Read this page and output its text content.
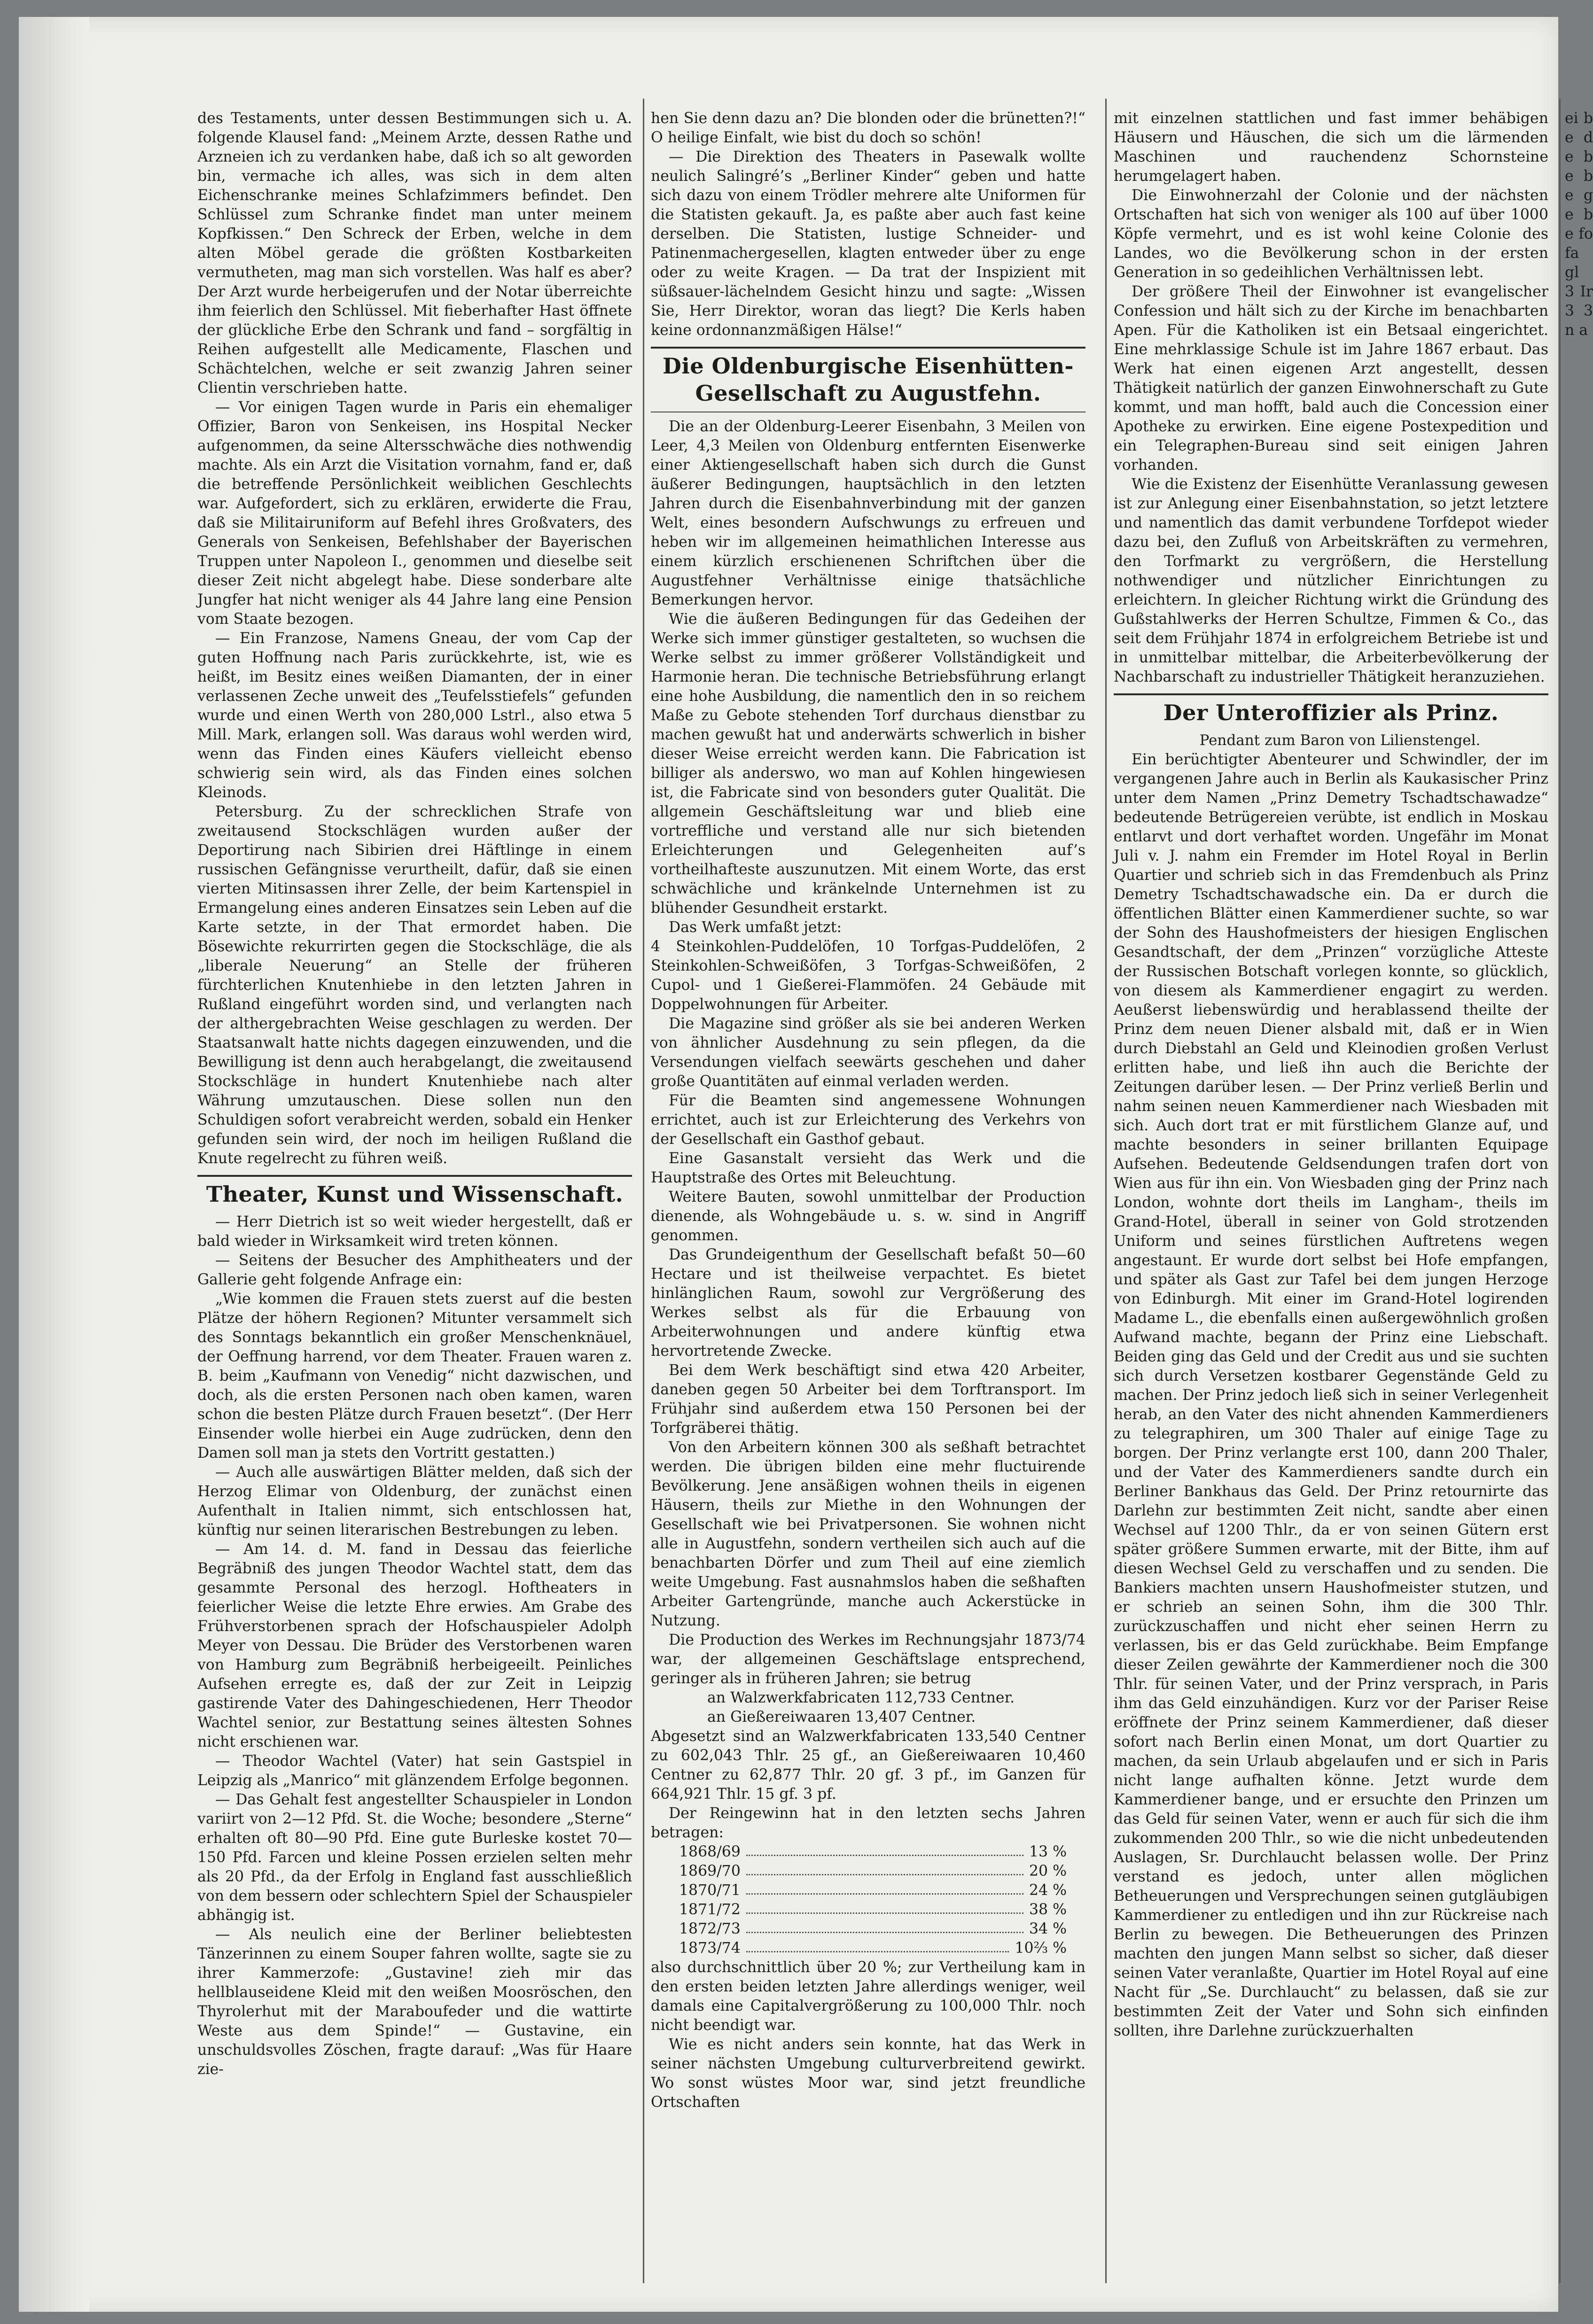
des Testaments, unter dessen Bestimmungen sich u. A. folgende Klausel fand: „Meinem Arzte, dessen Rathe und Arzneien ich zu verdanken habe, daß ich so alt geworden bin, vermache ich alles, was sich in dem alten Eichenschranke meines Schlafzimmers befindet. Den Schlüssel zum Schranke findet man unter meinem Kopfkissen.“ Den Schreck der Erben, welche in dem alten Möbel gerade die größten Kostbarkeiten vermutheten, mag man sich vorstellen. Was half es aber? Der Arzt wurde herbeigerufen und der Notar überreichte ihm feierlich den Schlüssel. Mit fieberhafter Hast öffnete der glückliche Erbe den Schrank und fand – sorgfältig in Reihen aufgestellt alle Medicamente, Flaschen und Schächtelchen, welche er seit zwanzig Jahren seiner Clientin verschrieben hatte.

— Vor einigen Tagen wurde in Paris ein ehemaliger Offizier, Baron von Senkeisen, ins Hospital Necker aufgenommen, da seine Altersschwäche dies nothwendig machte. Als ein Arzt die Visitation vornahm, fand er, daß die betreffende Persönlichkeit weiblichen Geschlechts war. Aufgefordert, sich zu erklären, erwiderte die Frau, daß sie Militairuniform auf Befehl ihres Großvaters, des Generals von Senkeisen, Befehlshaber der Bayerischen Truppen unter Napoleon I., genommen und dieselbe seit dieser Zeit nicht abgelegt habe. Diese sonderbare alte Jungfer hat nicht weniger als 44 Jahre lang eine Pension vom Staate bezogen.

— Ein Franzose, Namens Gneau, der vom Cap der guten Hoffnung nach Paris zurückkehrte, ist, wie es heißt, im Besitz eines weißen Diamanten, der in einer verlassenen Zeche unweit des „Teufelsstiefels“ gefunden wurde und einen Werth von 280,000 Lstrl., also etwa 5 Mill. Mark, erlangen soll. Was daraus wohl werden wird, wenn das Finden eines Käufers vielleicht ebenso schwierig sein wird, als das Finden eines solchen Kleinods.

Petersburg. Zu der schrecklichen Strafe von zweitausend Stockschlägen wurden außer der Deportirung nach Sibirien drei Häftlinge in einem russischen Gefängnisse verurtheilt, dafür, daß sie einen vierten Mitinsassen ihrer Zelle, der beim Kartenspiel in Ermangelung eines anderen Einsatzes sein Leben auf die Karte setzte, in der That ermordet haben. Die Bösewichte rekurrirten gegen die Stockschläge, die als „liberale Neuerung“ an Stelle der früheren fürchterlichen Knutenhiebe in den letzten Jahren in Rußland eingeführt worden sind, und verlangten nach der althergebrachten Weise geschlagen zu werden. Der Staatsanwalt hatte nichts dagegen einzuwenden, und die Bewilligung ist denn auch herabgelangt, die zweitausend Stockschläge in hundert Knutenhiebe nach alter Währung umzutauschen. Diese sollen nun den Schuldigen sofort verabreicht werden, sobald ein Henker gefunden sein wird, der noch im heiligen Rußland die Knute regelrecht zu führen weiß.

Theater, Kunst und Wissenschaft.

— Herr Dietrich ist so weit wieder hergestellt, daß er bald wieder in Wirksamkeit wird treten können.

— Seitens der Besucher des Amphitheaters und der Gallerie geht folgende Anfrage ein:

„Wie kommen die Frauen stets zuerst auf die besten Plätze der höhern Regionen? Mitunter versammelt sich des Sonntags bekanntlich ein großer Menschenknäuel, der Oeffnung harrend, vor dem Theater. Frauen waren z. B. beim „Kaufmann von Venedig“ nicht dazwischen, und doch, als die ersten Personen nach oben kamen, waren schon die besten Plätze durch Frauen besetzt“. (Der Herr Einsender wolle hierbei ein Auge zudrücken, denn den Damen soll man ja stets den Vortritt gestatten.)

— Auch alle auswärtigen Blätter melden, daß sich der Herzog Elimar von Oldenburg, der zunächst einen Aufenthalt in Italien nimmt, sich entschlossen hat, künftig nur seinen literarischen Bestrebungen zu leben.

— Am 14. d. M. fand in Dessau das feierliche Begräbniß des jungen Theodor Wachtel statt, dem das gesammte Personal des herzogl. Hoftheaters in feierlicher Weise die letzte Ehre erwies. Am Grabe des Frühverstorbenen sprach der Hofschauspieler Adolph Meyer von Dessau. Die Brüder des Verstorbenen waren von Hamburg zum Begräbniß herbeigeeilt. Peinliches Aufsehen erregte es, daß der zur Zeit in Leipzig gastirende Vater des Dahingeschiedenen, Herr Theodor Wachtel senior, zur Bestattung seines ältesten Sohnes nicht erschienen war.

— Theodor Wachtel (Vater) hat sein Gastspiel in Leipzig als „Manrico“ mit glänzendem Erfolge begonnen.

— Das Gehalt fest angestellter Schauspieler in London variirt von 2—12 Pfd. St. die Woche; besondere „Sterne“ erhalten oft 80—90 Pfd. Eine gute Burleske kostet 70—150 Pfd. Farcen und kleine Possen erzielen selten mehr als 20 Pfd., da der Erfolg in England fast ausschließlich von dem bessern oder schlechtern Spiel der Schauspieler abhängig ist.

— Als neulich eine der Berliner beliebtesten Tänzerinnen zu einem Souper fahren wollte, sagte sie zu ihrer Kammerzofe: „Gustavine! zieh mir das hellblauseidene Kleid mit den weißen Moosröschen, den Thyrolerhut mit der Maraboufeder und die wattirte Weste aus dem Spinde!“ — Gustavine, ein unschuldsvolles Zöschen, fragte darauf: „Was für Haare zie-

hen Sie denn dazu an? Die blonden oder die brünetten?!“ O heilige Einfalt, wie bist du doch so schön!

— Die Direktion des Theaters in Pasewalk wollte neulich Salingré’s „Berliner Kinder“ geben und hatte sich dazu von einem Trödler mehrere alte Uniformen für die Statisten gekauft. Ja, es paßte aber auch fast keine derselben. Die Statisten, lustige Schneider- und Patinenmachergesellen, klagten entweder über zu enge oder zu weite Kragen. — Da trat der Inspizient mit süßsauer-lächelndem Gesicht hinzu und sagte: „Wissen Sie, Herr Direktor, woran das liegt? Die Kerls haben keine ordonnanzmäßigen Hälse!“

Die Oldenburgische Eisenhütten-Gesellschaft zu Augustfehn.

Die an der Oldenburg-Leerer Eisenbahn, 3 Meilen von Leer, 4,3 Meilen von Oldenburg entfernten Eisenwerke einer Aktiengesellschaft haben sich durch die Gunst äußerer Bedingungen, hauptsächlich in den letzten Jahren durch die Eisenbahnverbindung mit der ganzen Welt, eines besondern Aufschwungs zu erfreuen und heben wir im allgemeinen heimathlichen Interesse aus einem kürzlich erschienenen Schriftchen über die Augustfehner Verhältnisse einige thatsächliche Bemerkungen hervor.

Wie die äußeren Bedingungen für das Gedeihen der Werke sich immer günstiger gestalteten, so wuchsen die Werke selbst zu immer größerer Vollständigkeit und Harmonie heran. Die technische Betriebsführung erlangt eine hohe Ausbildung, die namentlich den in so reichem Maße zu Gebote stehenden Torf durchaus dienstbar zu machen gewußt hat und anderwärts schwerlich in bisher dieser Weise erreicht werden kann. Die Fabrication ist billiger als anderswo, wo man auf Kohlen hingewiesen ist, die Fabricate sind von besonders guter Qualität. Die allgemein Geschäftsleitung war und blieb eine vortreffliche und verstand alle nur sich bietenden Erleichterungen und Gelegenheiten auf’s vortheilhafteste auszunutzen. Mit einem Worte, das erst schwächliche und kränkelnde Unternehmen ist zu blühender Gesundheit erstarkt.

Das Werk umfaßt jetzt:

4 Steinkohlen-Puddelöfen, 10 Torfgas-Puddelöfen, 2 Steinkohlen-Schweißöfen, 3 Torfgas-Schweißöfen, 2 Cupol- und 1 Gießerei-Flammöfen. 24 Gebäude mit Doppelwohnungen für Arbeiter.

Die Magazine sind größer als sie bei anderen Werken von ähnlicher Ausdehnung zu sein pflegen, da die Versendungen vielfach seewärts geschehen und daher große Quantitäten auf einmal verladen werden.

Für die Beamten sind angemessene Wohnungen errichtet, auch ist zur Erleichterung des Verkehrs von der Gesellschaft ein Gasthof gebaut.

Eine Gasanstalt versieht das Werk und die Hauptstraße des Ortes mit Beleuchtung.

Weitere Bauten, sowohl unmittelbar der Production dienende, als Wohngebäude u. s. w. sind in Angriff genommen.

Das Grundeigenthum der Gesellschaft befaßt 50—60 Hectare und ist theilweise verpachtet. Es bietet hinlänglichen Raum, sowohl zur Vergrößerung des Werkes selbst als für die Erbauung von Arbeiterwohnungen und andere künftig etwa hervortretende Zwecke.

Bei dem Werk beschäftigt sind etwa 420 Arbeiter, daneben gegen 50 Arbeiter bei dem Torftransport. Im Frühjahr sind außerdem etwa 150 Personen bei der Torfgräberei thätig.

Von den Arbeitern können 300 als seßhaft betrachtet werden. Die übrigen bilden eine mehr fluctuirende Bevölkerung. Jene ansäßigen wohnen theils in eigenen Häusern, theils zur Miethe in den Wohnungen der Gesellschaft wie bei Privatpersonen. Sie wohnen nicht alle in Augustfehn, sondern vertheilen sich auch auf die benachbarten Dörfer und zum Theil auf eine ziemlich weite Umgebung. Fast ausnahmslos haben die seßhaften Arbeiter Gartengründe, manche auch Ackerstücke in Nutzung.

Die Production des Werkes im Rechnungsjahr 1873/74 war, der allgemeinen Geschäftslage entsprechend, geringer als in früheren Jahren; sie betrug

an Walzwerkfabricaten 112,733 Centner.

an Gießereiwaaren 13,407 Centner.

Abgesetzt sind an Walzwerkfabricaten 133,540 Centner zu 602,043 Thlr. 25 gf., an Gießereiwaaren 10,460 Centner zu 62,877 Thlr. 20 gf. 3 pf., im Ganzen für 664,921 Thlr. 15 gf. 3 pf.

Der Reingewinn hat in den letzten sechs Jahren betragen:

1868/69	13 %
1869/70	20 %
1870/71	24 %
1871/72	38 %
1872/73	34 %
1873/74	10⅔ %

also durchschnittlich über 20 %; zur Vertheilung kam in den ersten beiden letzten Jahre allerdings weniger, weil damals eine Capitalvergrößerung zu 100,000 Thlr. noch nicht beendigt war.

Wie es nicht anders sein konnte, hat das Werk in seiner nächsten Umgebung culturverbreitend gewirkt. Wo sonst wüstes Moor war, sind jetzt freundliche Ortschaften

mit einzelnen stattlichen und fast immer behäbigen Häusern und Häuschen, die sich um die lärmenden Maschinen und rauchendenz Schornsteine herumgelagert haben.

Die Einwohnerzahl der Colonie und der nächsten Ortschaften hat sich von weniger als 100 auf über 1000 Köpfe vermehrt, und es ist wohl keine Colonie des Landes, wo die Bevölkerung schon in der ersten Generation in so gedeihlichen Verhältnissen lebt.

Der größere Theil der Einwohner ist evangelischer Confession und hält sich zu der Kirche im benachbarten Apen. Für die Katholiken ist ein Betsaal eingerichtet. Eine mehrklassige Schule ist im Jahre 1867 erbaut. Das Werk hat einen eigenen Arzt angestellt, dessen Thätigkeit natürlich der ganzen Einwohnerschaft zu Gute kommt, und man hofft, bald auch die Concession einer Apotheke zu erwirken. Eine eigene Postexpedition und ein Telegraphen-Bureau sind seit einigen Jahren vorhanden.

Wie die Existenz der Eisenhütte Veranlassung gewesen ist zur Anlegung einer Eisenbahnstation, so jetzt letztere und namentlich das damit verbundene Torfdepot wieder dazu bei, den Zufluß von Arbeitskräften zu vermehren, den Torfmarkt zu vergrößern, die Herstellung nothwendiger und nützlicher Einrichtungen zu erleichtern. In gleicher Richtung wirkt die Gründung des Gußstahlwerks der Herren Schultze, Fimmen & Co., das seit dem Frühjahr 1874 in erfolgreichem Betriebe ist und in unmittelbar mittelbar, die Arbeiterbevölkerung der Nachbarschaft zu industrieller Thätigkeit heranzuziehen.

Der Unteroffizier als Prinz.

Pendant zum Baron von Lilienstengel.

Ein berüchtigter Abenteurer und Schwindler, der im vergangenen Jahre auch in Berlin als Kaukasischer Prinz unter dem Namen „Prinz Demetry Tschadtschawadze“ bedeutende Betrügereien verübte, ist endlich in Moskau entlarvt und dort verhaftet worden. Ungefähr im Monat Juli v. J. nahm ein Fremder im Hotel Royal in Berlin Quartier und schrieb sich in das Fremdenbuch als Prinz Demetry Tschadtschawadsche ein. Da er durch die öffentlichen Blätter einen Kammerdiener suchte, so war der Sohn des Haushofmeisters der hiesigen Englischen Gesandtschaft, der dem „Prinzen“ vorzügliche Atteste der Russischen Botschaft vorlegen konnte, so glücklich, von diesem als Kammerdiener engagirt zu werden. Aeußerst liebenswürdig und herablassend theilte der Prinz dem neuen Diener alsbald mit, daß er in Wien durch Diebstahl an Geld und Kleinodien großen Verlust erlitten habe, und ließ ihn auch die Berichte der Zeitungen darüber lesen. — Der Prinz verließ Berlin und nahm seinen neuen Kammerdiener nach Wiesbaden mit sich. Auch dort trat er mit fürstlichem Glanze auf, und machte besonders in seiner brillanten Equipage Aufsehen. Bedeutende Geldsendungen trafen dort von Wien aus für ihn ein. Von Wiesbaden ging der Prinz nach London, wohnte dort theils im Langham-, theils im Grand-Hotel, überall in seiner von Gold strotzenden Uniform und seines fürstlichen Auftretens wegen angestaunt. Er wurde dort selbst bei Hofe empfangen, und später als Gast zur Tafel bei dem jungen Herzoge von Edinburgh. Mit einer im Grand-Hotel logirenden Madame L., die ebenfalls einen außergewöhnlich großen Aufwand machte, begann der Prinz eine Liebschaft. Beiden ging das Geld und der Credit aus und sie suchten sich durch Versetzen kostbarer Gegenstände Geld zu machen. Der Prinz jedoch ließ sich in seiner Verlegenheit herab, an den Vater des nicht ahnenden Kammerdieners zu telegraphiren, um 300 Thaler auf einige Tage zu borgen. Der Prinz verlangte erst 100, dann 200 Thaler, und der Vater des Kammerdieners sandte durch ein Berliner Bankhaus das Geld. Der Prinz retournirte das Darlehn zur bestimmten Zeit nicht, sandte aber einen Wechsel auf 1200 Thlr., da er von seinen Gütern erst später größere Summen erwarte, mit der Bitte, ihm auf diesen Wechsel Geld zu verschaffen und zu senden. Die Bankiers machten unsern Haushofmeister stutzen, und er schrieb an seinen Sohn, ihm die 300 Thlr. zurückzuschaffen und nicht eher seinen Herrn zu verlassen, bis er das Geld zurückhabe. Beim Empfange dieser Zeilen gewährte der Kammerdiener noch die 300 Thlr. für seinen Vater, und der Prinz versprach, in Paris ihm das Geld einzuhändigen. Kurz vor der Pariser Reise eröffnete der Prinz seinem Kammerdiener, daß dieser sofort nach Berlin einen Monat, um dort Quartier zu machen, da sein Urlaub abgelaufen und er sich in Paris nicht lange aufhalten könne. Jetzt wurde dem Kammerdiener bange, und er ersuchte den Prinzen um das Geld für seinen Vater, wenn er auch für sich die ihm zukommenden 200 Thlr., so wie die nicht unbedeutenden Auslagen, Sr. Durchlaucht belassen wolle. Der Prinz verstand es jedoch, unter allen möglichen Betheuerungen und Versprechungen seinen gutgläubigen Kammerdiener zu entledigen und ihn zur Rückreise nach Berlin zu bewegen. Die Betheuerungen des Prinzen machten den jungen Mann selbst so sicher, daß dieser seinen Vater veranlaßte, Quartier im Hotel Royal auf eine Nacht für „Se. Durchlaucht“ zu belassen, daß sie zur bestimmten Zeit der Vater und Sohn sich einfinden sollten, ihre Darlehne zurückzuerhalten

ei be de be be ge be fo fa gl 3 Ir 3 3 n a
